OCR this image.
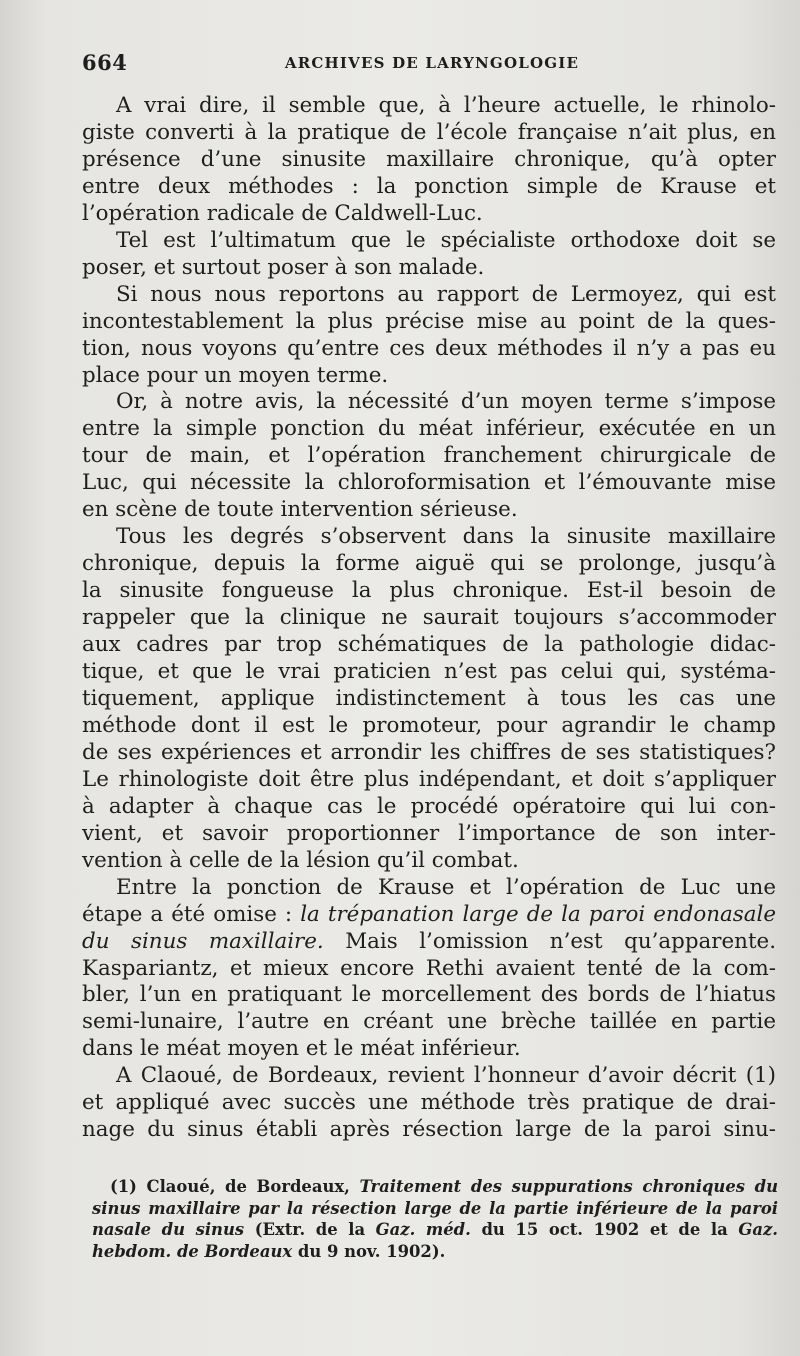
664	ARCHIVES DE LARYNGOLOGIE

A vrai dire, il semble que, à l’heure actuelle, le rhinolo-
giste converti à la pratique de l’école française n’ait plus, en
présence d’une sinusite maxillaire chronique, qu’à opter
entre deux méthodes : la ponction simple de Krause et
l’opération radicale de Caldwell-Luc.

Tel est l’ultimatum que le spécialiste orthodoxe doit se
poser, et surtout poser à son malade.

Si nous nous reportons au rapport de Lermoyez, qui est
incontestablement la plus précise mise au point de la ques-
tion, nous voyons qu’entre ces deux méthodes il n’y a pas eu
place pour un moyen terme.

Or, à notre avis, la nécessité d’un moyen terme s’impose
entre la simple ponction du méat inférieur, exécutée en un
tour de main, et l’opération franchement chirurgicale de
Luc, qui nécessite la chloroformisation et l’émouvante mise
en scène de toute intervention sérieuse.

Tous les degrés s’observent dans la sinusite maxillaire
chronique, depuis la forme aiguë qui se prolonge, jusqu’à
la sinusite fongueuse la plus chronique. Est-il besoin de
rappeler que la clinique ne saurait toujours s’accommoder
aux cadres par trop schématiques de la pathologie didac-
tique, et que le vrai praticien n’est pas celui qui, systéma-
tiquement, applique indistinctement à tous les cas une
méthode dont il est le promoteur, pour agrandir le champ
de ses expériences et arrondir les chiffres de ses statistiques?
Le rhinologiste doit être plus indépendant, et doit s’appliquer
à adapter à chaque cas le procédé opératoire qui lui con-
vient, et savoir proportionner l’importance de son inter-
vention à celle de la lésion qu’il combat.

Entre la ponction de Krause et l’opération de Luc une
étape a été omise : la trépanation large de la paroi endonasale
du sinus maxillaire. Mais l’omission n’est qu’apparente.
Kaspariantz, et mieux encore Rethi avaient tenté de la com-
bler, l’un en pratiquant le morcellement des bords de l’hiatus
semi-lunaire, l’autre en créant une brèche taillée en partie
dans le méat moyen et le méat inférieur.

A Claoué, de Bordeaux, revient l’honneur d’avoir décrit (1)
et appliqué avec succès une méthode très pratique de drai-
nage du sinus établi après résection large de la paroi sinu-

(1) Claoué, de Bordeaux, Traitement des suppurations chroniques du
sinus maxillaire par la résection large de la partie inférieure de la paroi
nasale du sinus (Extr. de la Gaz. méd. du 15 oct. 1902 et de la Gaz.
hebdom. de Bordeaux du 9 nov. 1902).
